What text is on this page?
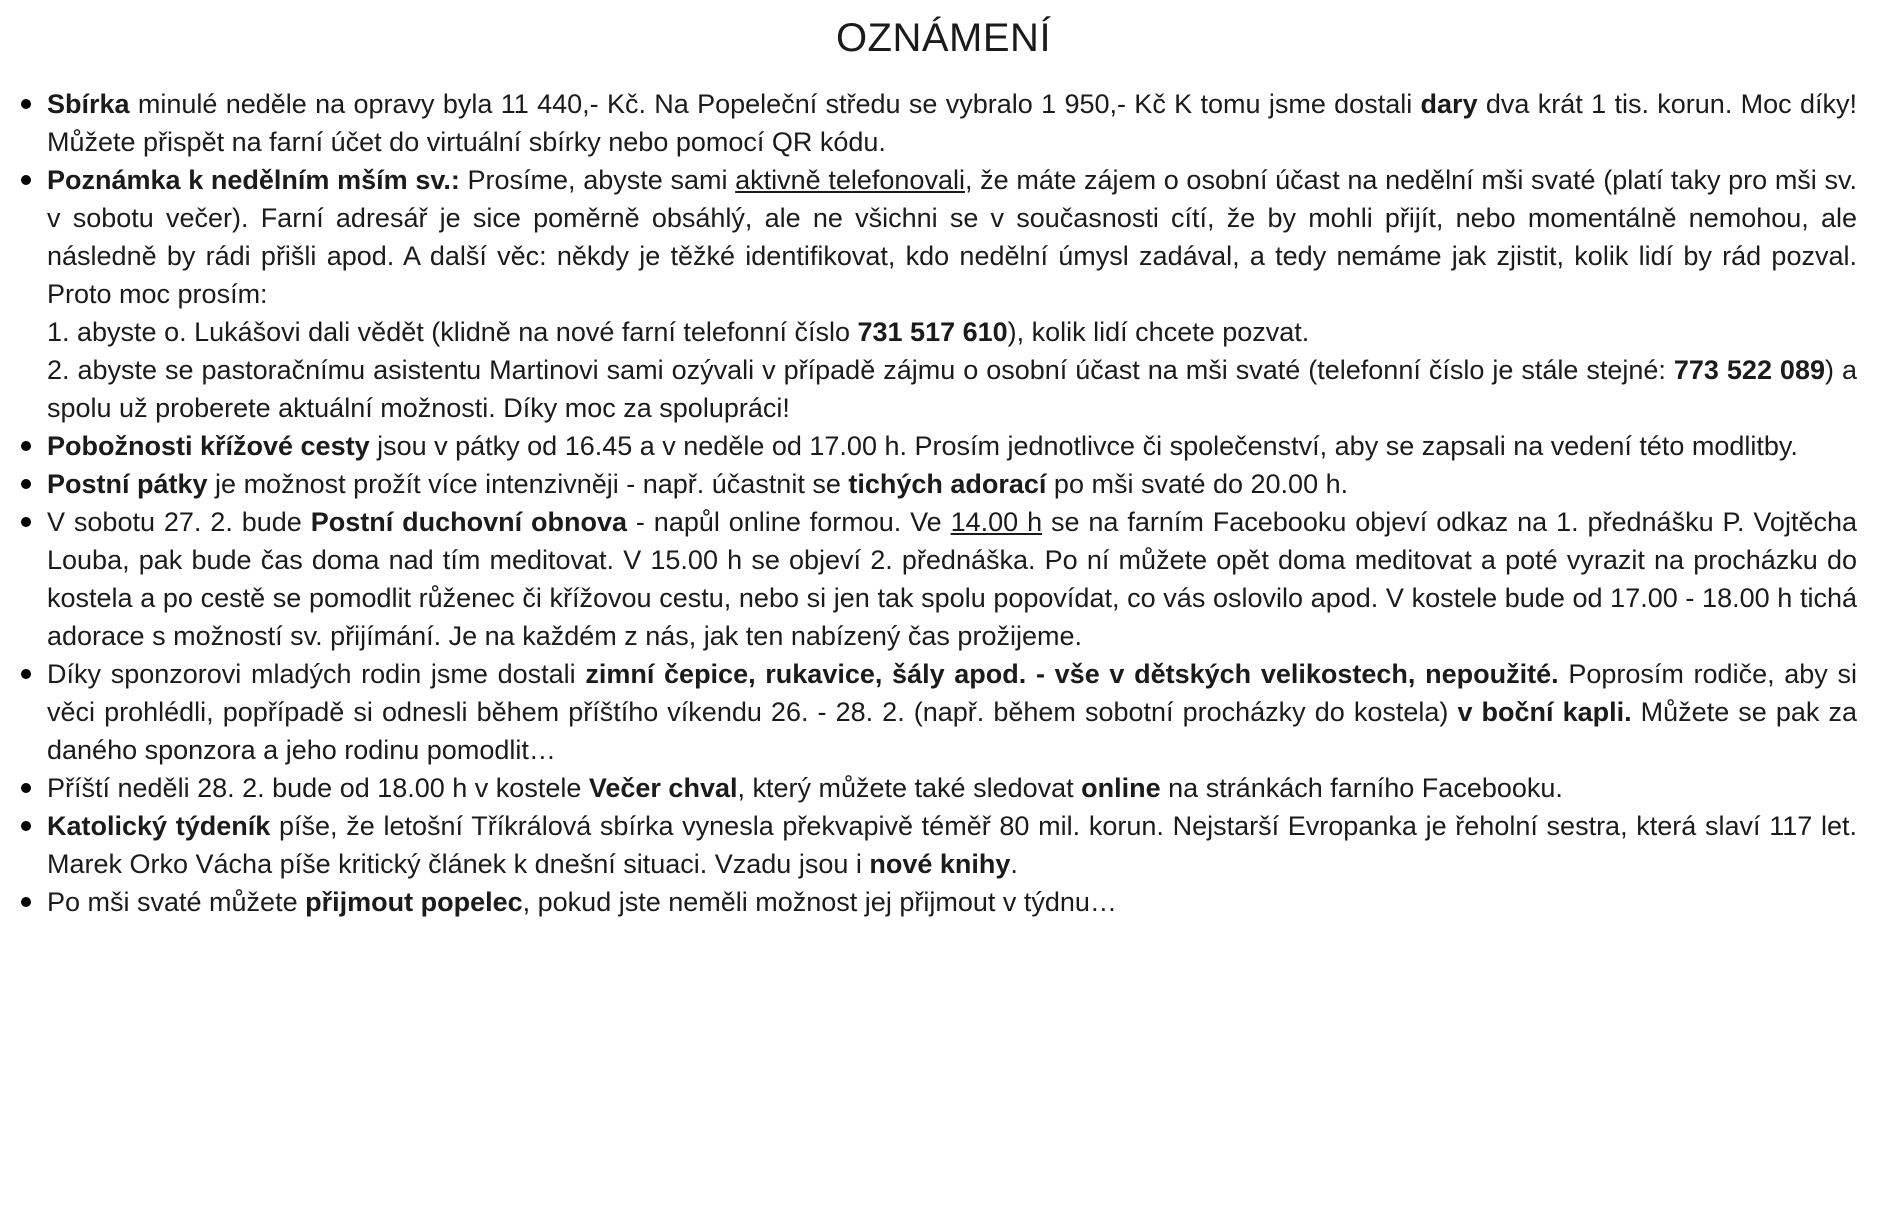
OZNÁMENÍ

Sbírka minulé neděle na opravy byla 11 440,- Kč. Na Popeleční středu se vybralo 1 950,- Kč K tomu jsme dostali dary dva krát 1 tis. korun. Moc díky! Můžete přispět na farní účet do virtuální sbírky nebo pomocí QR kódu.

Poznámka k nedělním mším sv.: Prosíme, abyste sami aktivně telefonovali, že máte zájem o osobní účast na nedělní mši svaté (platí taky pro mši sv. v sobotu večer). Farní adresář je sice poměrně obsáhlý, ale ne všichni se v současnosti cítí, že by mohli přijít, nebo momentálně nemohou, ale následně by rádi přišli apod. A další věc: někdy je těžké identifikovat, kdo nedělní úmysl zadával, a tedy nemáme jak zjistit, kolik lidí by rád pozval. Proto moc prosím:

1. abyste o. Lukášovi dali vědět (klidně na nové farní telefonní číslo 731 517 610), kolik lidí chcete pozvat.

2. abyste se pastoračnímu asistentu Martinovi sami ozývali v případě zájmu o osobní účast na mši svaté (telefonní číslo je stále stejné: 773 522 089) a spolu už proberete aktuální možnosti. Díky moc za spolupráci!

Pobožnosti křížové cesty jsou v pátky od 16.45 a v neděle od 17.00 h. Prosím jednotlivce či společenství, aby se zapsali na vedení této modlitby.

Postní pátky je možnost prožít více intenzivněji - např. účastnit se tichých adorací po mši svaté do 20.00 h.

V sobotu 27. 2. bude Postní duchovní obnova - napůl online formou. Ve 14.00 h se na farním Facebooku objeví odkaz na 1. přednášku P. Vojtěcha Louba, pak bude čas doma nad tím meditovat. V 15.00 h se objeví 2. přednáška. Po ní můžete opět doma meditovat a poté vyrazit na procházku do kostela a po cestě se pomodlit růženec či křížovou cestu, nebo si jen tak spolu popovídat, co vás oslovilo apod. V kostele bude od 17.00 - 18.00 h tichá adorace s možností sv. přijímání. Je na každém z nás, jak ten nabízený čas prožijeme.

Díky sponzorovi mladých rodin jsme dostali zimní čepice, rukavice, šály apod. - vše v dětských velikostech, nepoužité. Poprosím rodiče, aby si věci prohlédli, popřípadě si odnesli během příštího víkendu 26. - 28. 2. (např. během sobotní procházky do kostela) v boční kapli. Můžete se pak za daného sponzora a jeho rodinu pomodlit…

Příští neděli 28. 2. bude od 18.00 h v kostele Večer chval, který můžete také sledovat online na stránkách farního Facebooku.

Katolický týdeník píše, že letošní Tříkrálová sbírka vynesla překvapivě téměř 80 mil. korun. Nejstarší Evropanka je řeholní sestra, která slaví 117 let. Marek Orko Vácha píše kritický článek k dnešní situaci. Vzadu jsou i nové knihy.

Po mši svaté můžete přijmout popelec, pokud jste neměli možnost jej přijmout v týdnu…
